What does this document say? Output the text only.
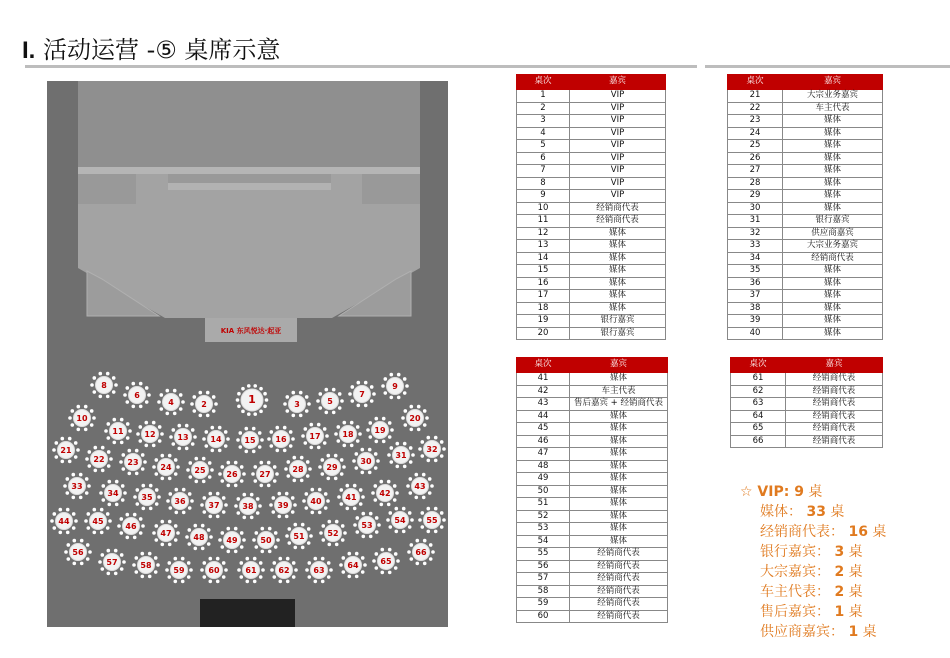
I. 活动运营 -⑤ 桌席示意
KIA 东风悦达·起亚
1
2	3
4	5
6	7
8	9
10
11	12	13	14	15 16	17	18	19
20
21
22	23
24	25	26	27
28	29
30
31
32
33
34	35	36	37	38	39	40	41	42
43
44	45
46
47	48	49	50	51	52
53
54	55
56
57	58
59	60	61	62	63
64	65
66
桌次	嘉宾
1	VIP
2	VIP
3	VIP
4	VIP
5	VIP
6	VIP
7	VIP
8	VIP
9	VIP
10	经销商代表
11	经销商代表
12	媒体
13	媒体
14	媒体
15	媒体
16	媒体
17	媒体
18	媒体
19	银行嘉宾
20	银行嘉宾
桌次	嘉宾
21	大宗业务嘉宾
22	车主代表
23	媒体
24	媒体
25	媒体
26	媒体
27	媒体
28	媒体
29	媒体
30	媒体
31	银行嘉宾
32	供应商嘉宾
33	大宗业务嘉宾
34	经销商代表
35	媒体
36	媒体
37	媒体
38	媒体
39	媒体
40	媒体
桌次	嘉宾
41	媒体
42	车主代表
43	售后嘉宾 + 经销商代表
44	媒体
45	媒体
46	媒体
47	媒体
48	媒体
49	媒体
50	媒体
51	媒体
52	媒体
53	媒体
54	媒体
55	经销商代表
56	经销商代表
57	经销商代表
58	经销商代表
59	经销商代表
60	经销商代表
桌次	嘉宾
61	经销商代表
62	经销商代表
63	经销商代表
64	经销商代表
65	经销商代表
66	经销商代表
☆ VIP: 9 桌
媒体： 33 桌
经销商代表： 16 桌
银行嘉宾： 3 桌
大宗嘉宾： 2 桌
车主代表： 2 桌
售后嘉宾： 1 桌
供应商嘉宾： 1 桌
